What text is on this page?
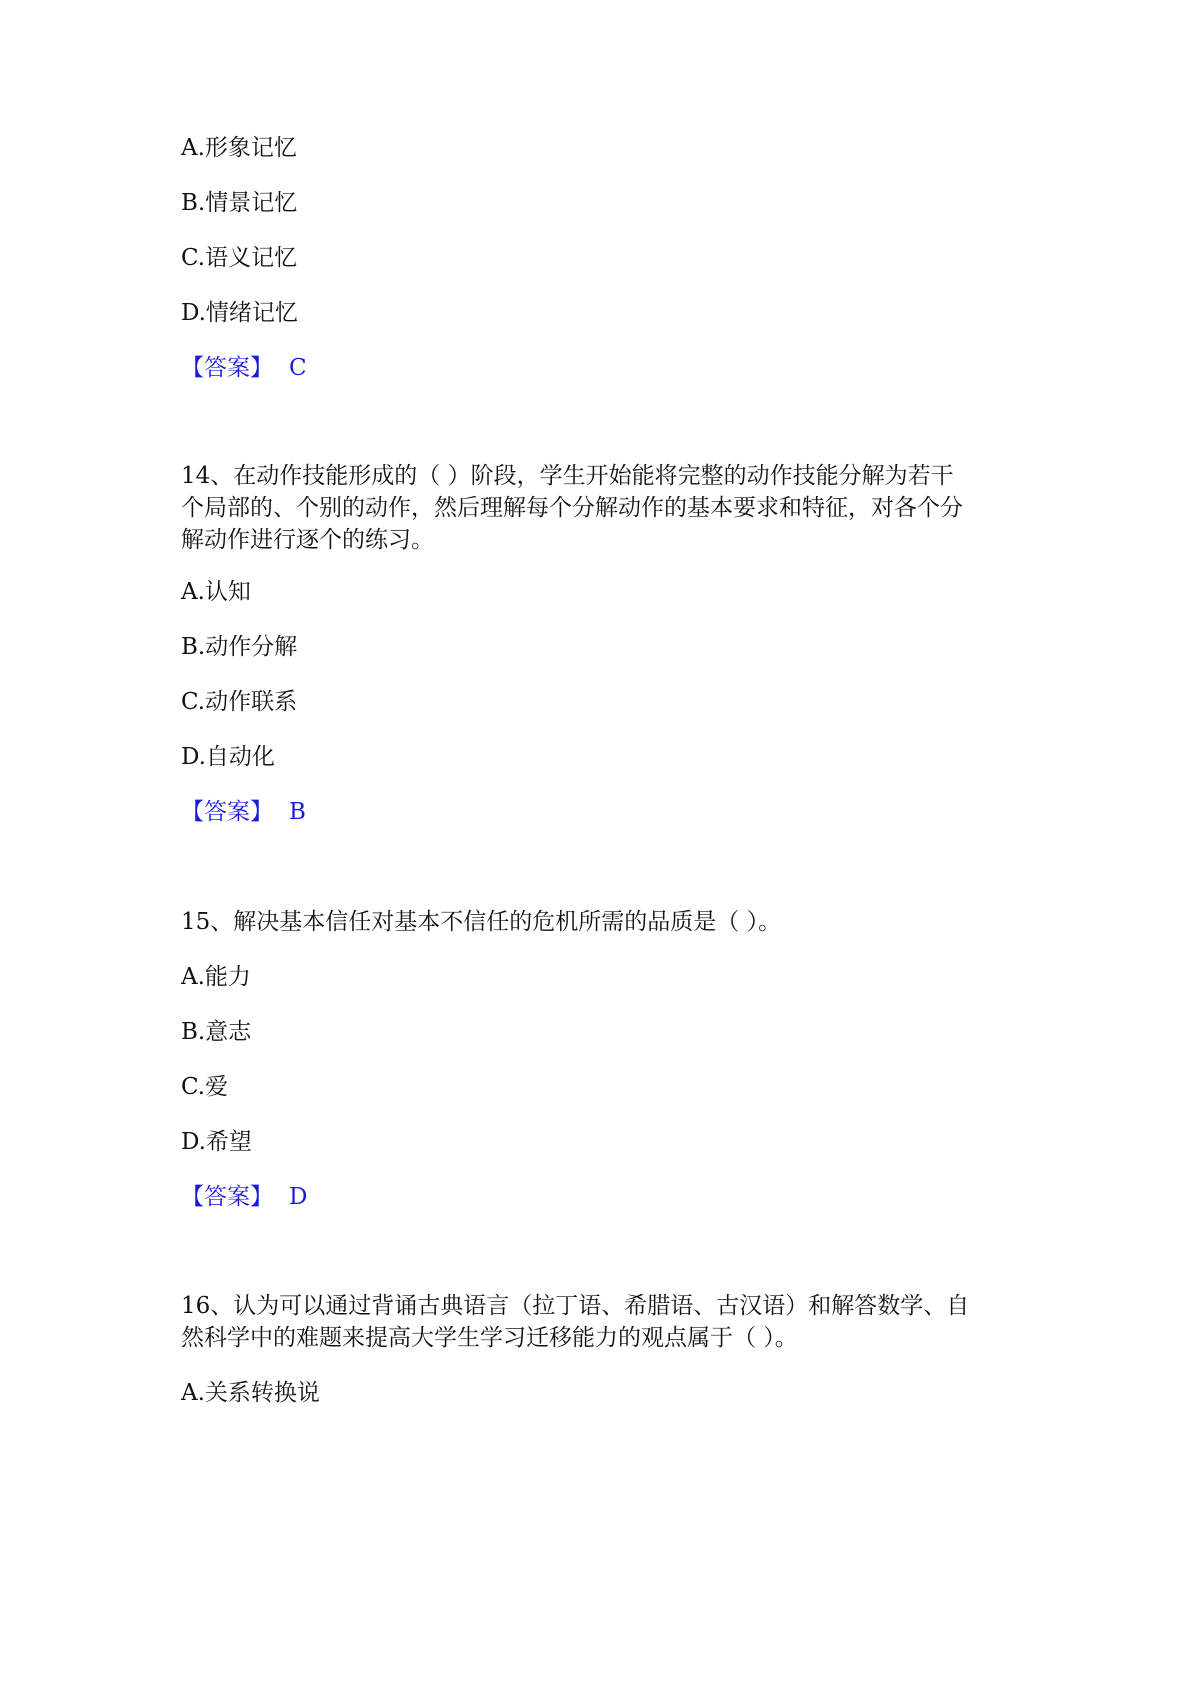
A.形象记忆
B.情景记忆
C.语义记忆
D.情绪记忆
【答案】 C
14、在动作技能形成的（ ）阶段，学生开始能将完整的动作技能分解为若干
个局部的、个别的动作，然后理解每个分解动作的基本要求和特征，对各个分
解动作进行逐个的练习。
A.认知
B.动作分解
C.动作联系
D.自动化
【答案】 B
15、解决基本信任对基本不信任的危机所需的品质是（ ）。
A.能力
B.意志
C.爱
D.希望
【答案】 D
16、认为可以通过背诵古典语言（拉丁语、希腊语、古汉语）和解答数学、自
然科学中的难题来提高大学生学习迁移能力的观点属于（ ）。
A.关系转换说
